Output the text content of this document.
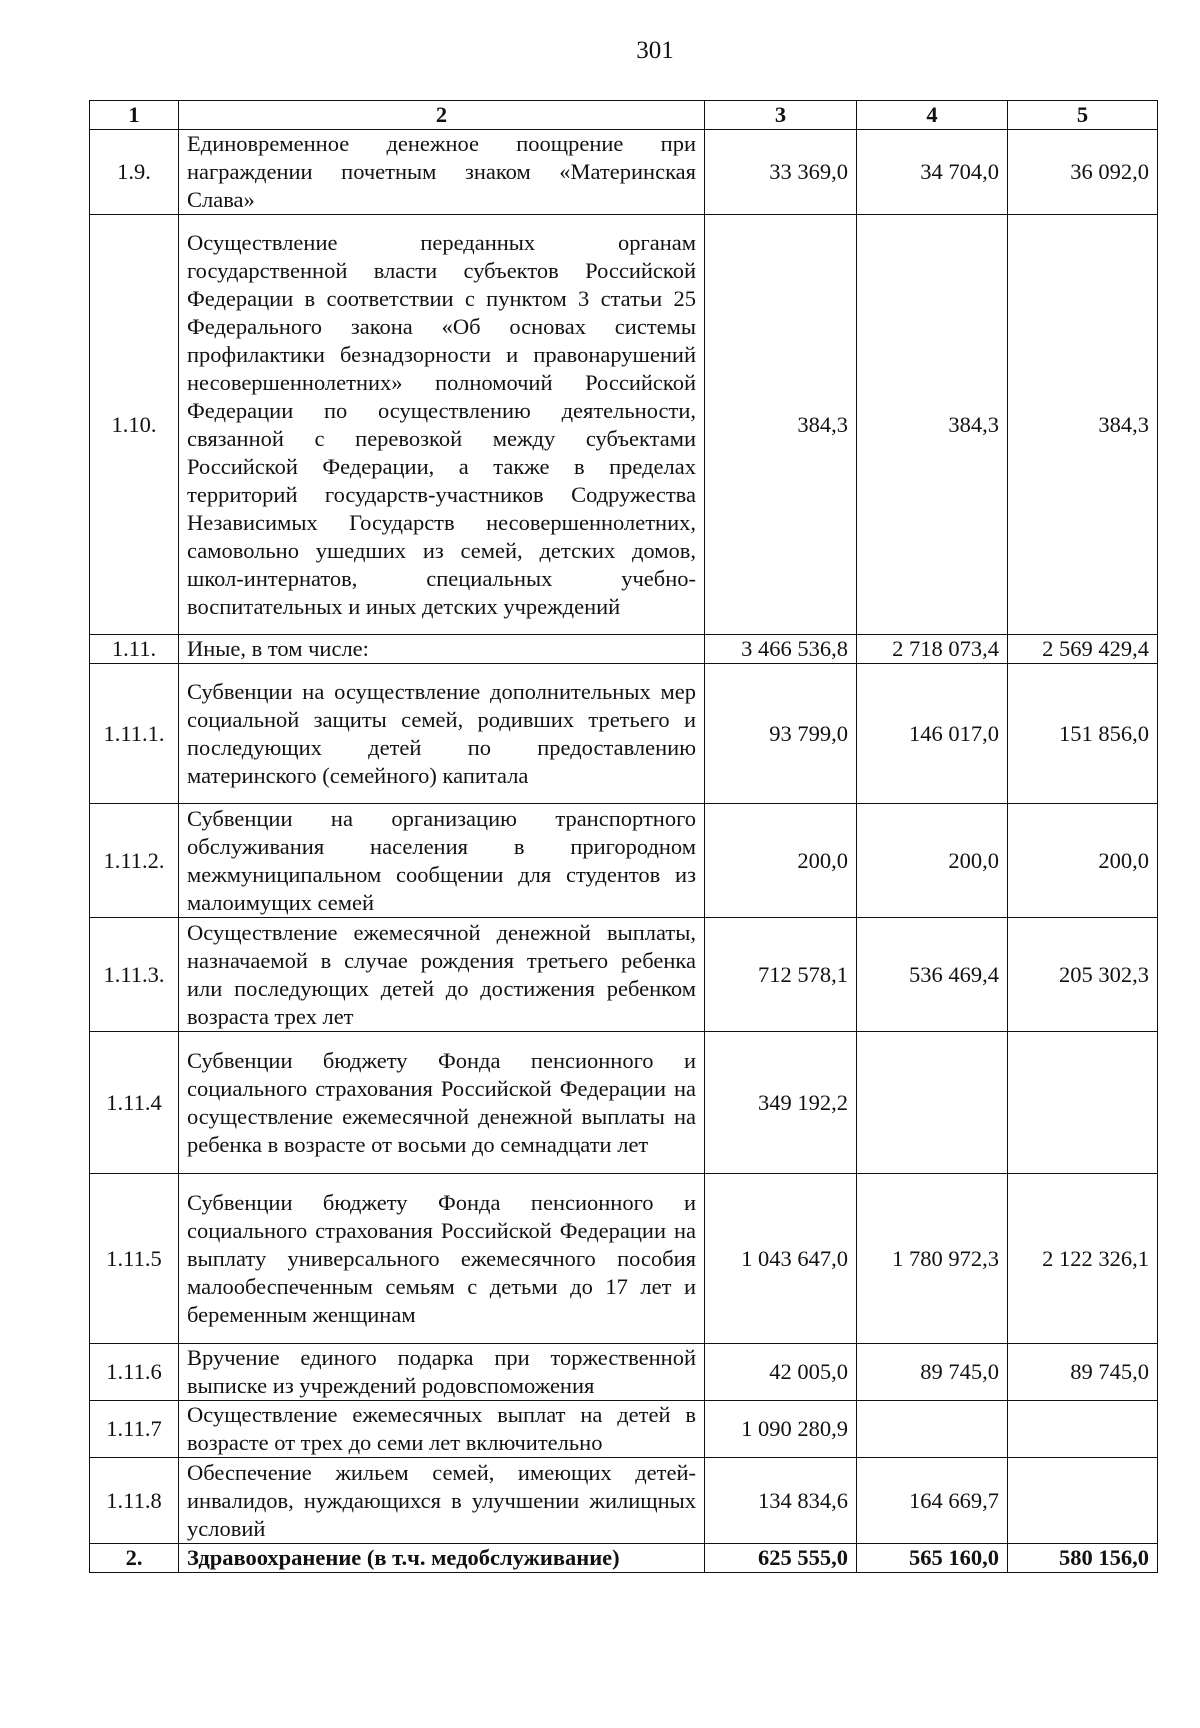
301
1	2	3	4	5
1.9.	Единовременное денежное поощрение при награждении почетным знаком «Материнская Слава»	33 369,0	34 704,0	36 092,0
1.10.	Осуществление переданных органам государственной власти субъектов Российской Федерации в соответствии с пунктом 3 статьи 25 Федерального закона «Об основах системы профилактики безнадзорности и правонарушений несовершеннолетних» полномочий Российской Федерации по осуществлению деятельности, связанной с перевозкой между субъектами Российской Федерации, а также в пределах территорий государств-участников Содружества Независимых Государств несовершеннолетних, самовольно ушедших из семей, детских домов, школ-интернатов, специальных учебно-воспитательных и иных детских учреждений	384,3	384,3	384,3
1.11.	Иные, в том числе:	3 466 536,8	2 718 073,4	2 569 429,4
1.11.1.	Субвенции на осуществление дополнительных мер социальной защиты семей, родивших третьего и последующих детей по предоставлению материнского (семейного) капитала	93 799,0	146 017,0	151 856,0
1.11.2.	Субвенции на организацию транспортного обслуживания населения в пригородном межмуниципальном сообщении для студентов из малоимущих семей	200,0	200,0	200,0
1.11.3.	Осуществление ежемесячной денежной выплаты, назначаемой в случае рождения третьего ребенка или последующих детей до достижения ребенком возраста трех лет	712 578,1	536 469,4	205 302,3
1.11.4	Субвенции бюджету Фонда пенсионного и социального страхования Российской Федерации на осуществление ежемесячной денежной выплаты на ребенка в возрасте от восьми до семнадцати лет	349 192,2		
1.11.5	Субвенции бюджету Фонда пенсионного и социального страхования Российской Федерации на выплату универсального ежемесячного пособия малообеспеченным семьям с детьми до 17 лет и беременным женщинам	1 043 647,0	1 780 972,3	2 122 326,1
1.11.6	Вручение единого подарка при торжественной выписке из учреждений родовспоможения	42 005,0	89 745,0	89 745,0
1.11.7	Осуществление ежемесячных выплат на детей в возрасте от трех до семи лет включительно	1 090 280,9		
1.11.8	Обеспечение жильем семей, имеющих детей-инвалидов, нуждающихся в улучшении жилищных условий	134 834,6	164 669,7	
2.	Здравоохранение (в т.ч. медобслуживание)	625 555,0	565 160,0	580 156,0
